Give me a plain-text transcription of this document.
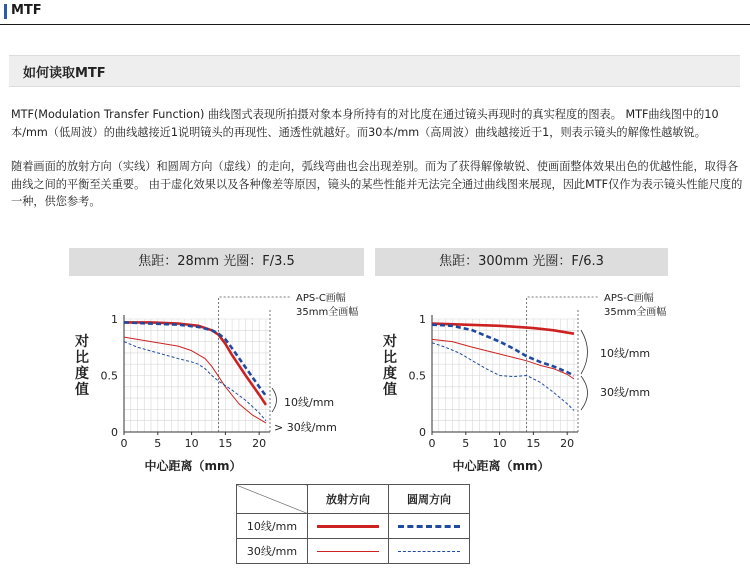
MTF
如何读取MTF

MTF(Modulation Transfer Function) 曲线图式表现所拍摄对象本身所持有的对比度在通过镜头再现时的真实程度的图表。 MTF曲线图中的10本/mm（低周波）的曲线越接近1说明镜头的再现性、通透性就越好。而30本/mm（高周波）曲线越接近于1，则表示镜头的解像性越敏锐。

随着画面的放射方向（实线）和圆周方向（虚线）的走向，弧线弯曲也会出现差别。而为了获得解像敏锐、使画面整体效果出色的优越性能，取得各曲线之间的平衡至关重要。 由于虚化效果以及各种像差等原因，镜头的某些性能并无法完全通过曲线图来展现，因此MTF仅作为表示镜头性能尺度的一种，供您参考。

焦距：28mm 光圈：F/3.5	焦距：300mm 光圈：F/6.3
APS-C画幅
35mm全画幅
0 5 10 15 20
0
0.5
1
对
比
度
值
中心距离（mm）
10线/mm
> 30线/mm
APS-C画幅
35mm全画幅
0 5 10 15 20
0
0.5
1
对
比
度
值
中心距离（mm）
10线/mm
30线/mm
	放射方向	圆周方向
10线/mm		
30线/mm		
